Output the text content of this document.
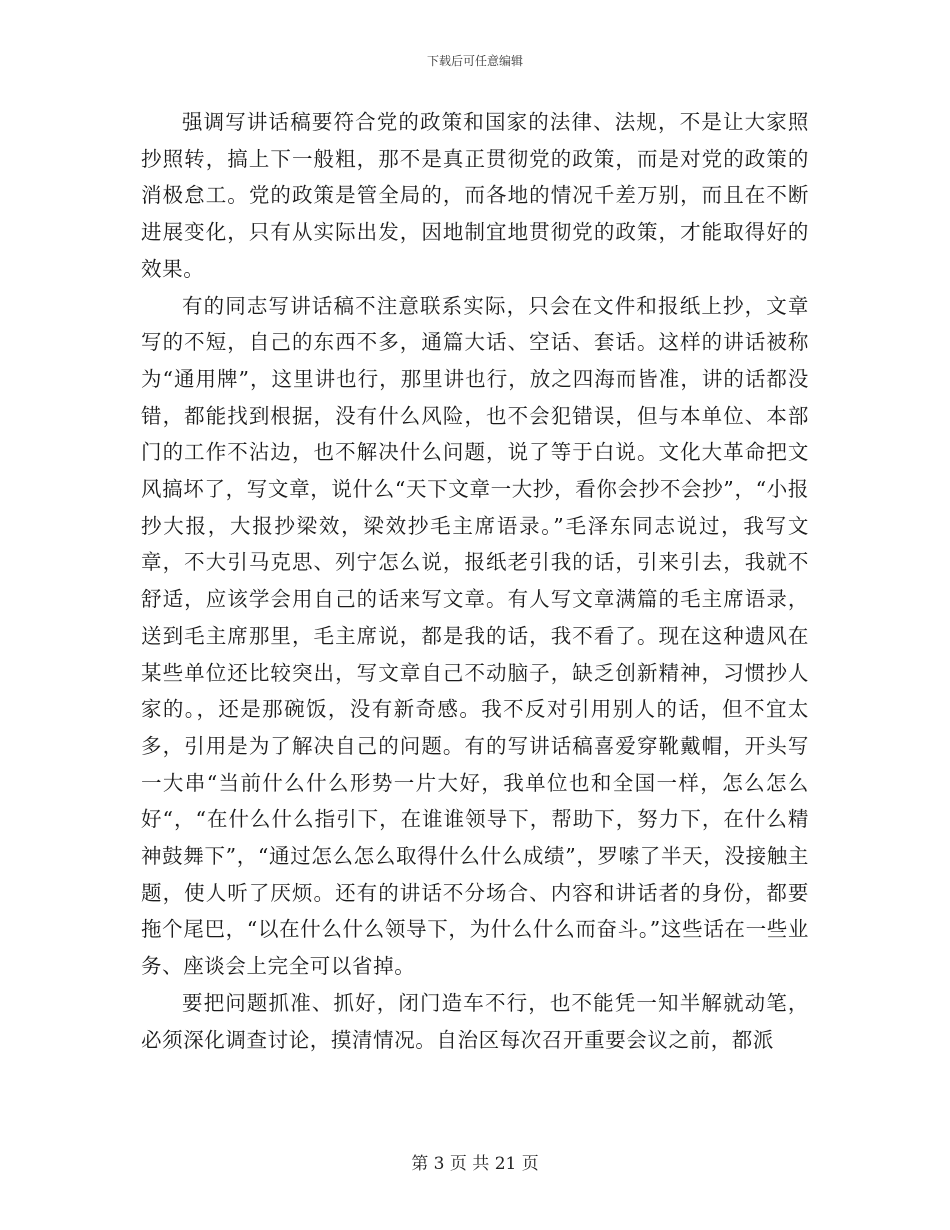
下载后可任意编辑

强调写讲话稿要符合党的政策和国家的法律、法规，不是让大家照抄照转，搞上下一般粗，那不是真正贯彻党的政策，而是对党的政策的消极怠工。党的政策是管全局的，而各地的情况千差万别，而且在不断进展变化，只有从实际出发，因地制宜地贯彻党的政策，才能取得好的效果。

有的同志写讲话稿不注意联系实际，只会在文件和报纸上抄，文章写的不短，自己的东西不多，通篇大话、空话、套话。这样的讲话被称为“通用牌”，这里讲也行，那里讲也行，放之四海而皆准，讲的话都没错，都能找到根据，没有什么风险，也不会犯错误，但与本单位、本部门的工作不沾边，也不解决什么问题，说了等于白说。文化大革命把文风搞坏了，写文章，说什么“天下文章一大抄，看你会抄不会抄”，“小报抄大报，大报抄梁效，梁效抄毛主席语录。”毛泽东同志说过，我写文章，不大引马克思、列宁怎么说，报纸老引我的话，引来引去，我就不舒适，应该学会用自己的话来写文章。有人写文章满篇的毛主席语录，送到毛主席那里，毛主席说，都是我的话，我不看了。现在这种遗风在某些单位还比较突出，写文章自己不动脑子，缺乏创新精神，习惯抄人家的。，还是那碗饭，没有新奇感。我不反对引用别人的话，但不宜太多，引用是为了解决自己的问题。有的写讲话稿喜爱穿靴戴帽，开头写一大串“当前什么什么形势一片大好，我单位也和全国一样，怎么怎么好“，“在什么什么指引下，在谁谁领导下，帮助下，努力下，在什么精神鼓舞下”，“通过怎么怎么取得什么什么成绩”，罗嗦了半天，没接触主题，使人听了厌烦。还有的讲话不分场合、内容和讲话者的身份，都要拖个尾巴，“以在什么什么领导下，为什么什么而奋斗。”这些话在一些业务、座谈会上完全可以省掉。

要把问题抓准、抓好，闭门造车不行，也不能凭一知半解就动笔，必须深化调查讨论，摸清情况。自治区每次召开重要会议之前，都派

第 3 页 共 21 页
